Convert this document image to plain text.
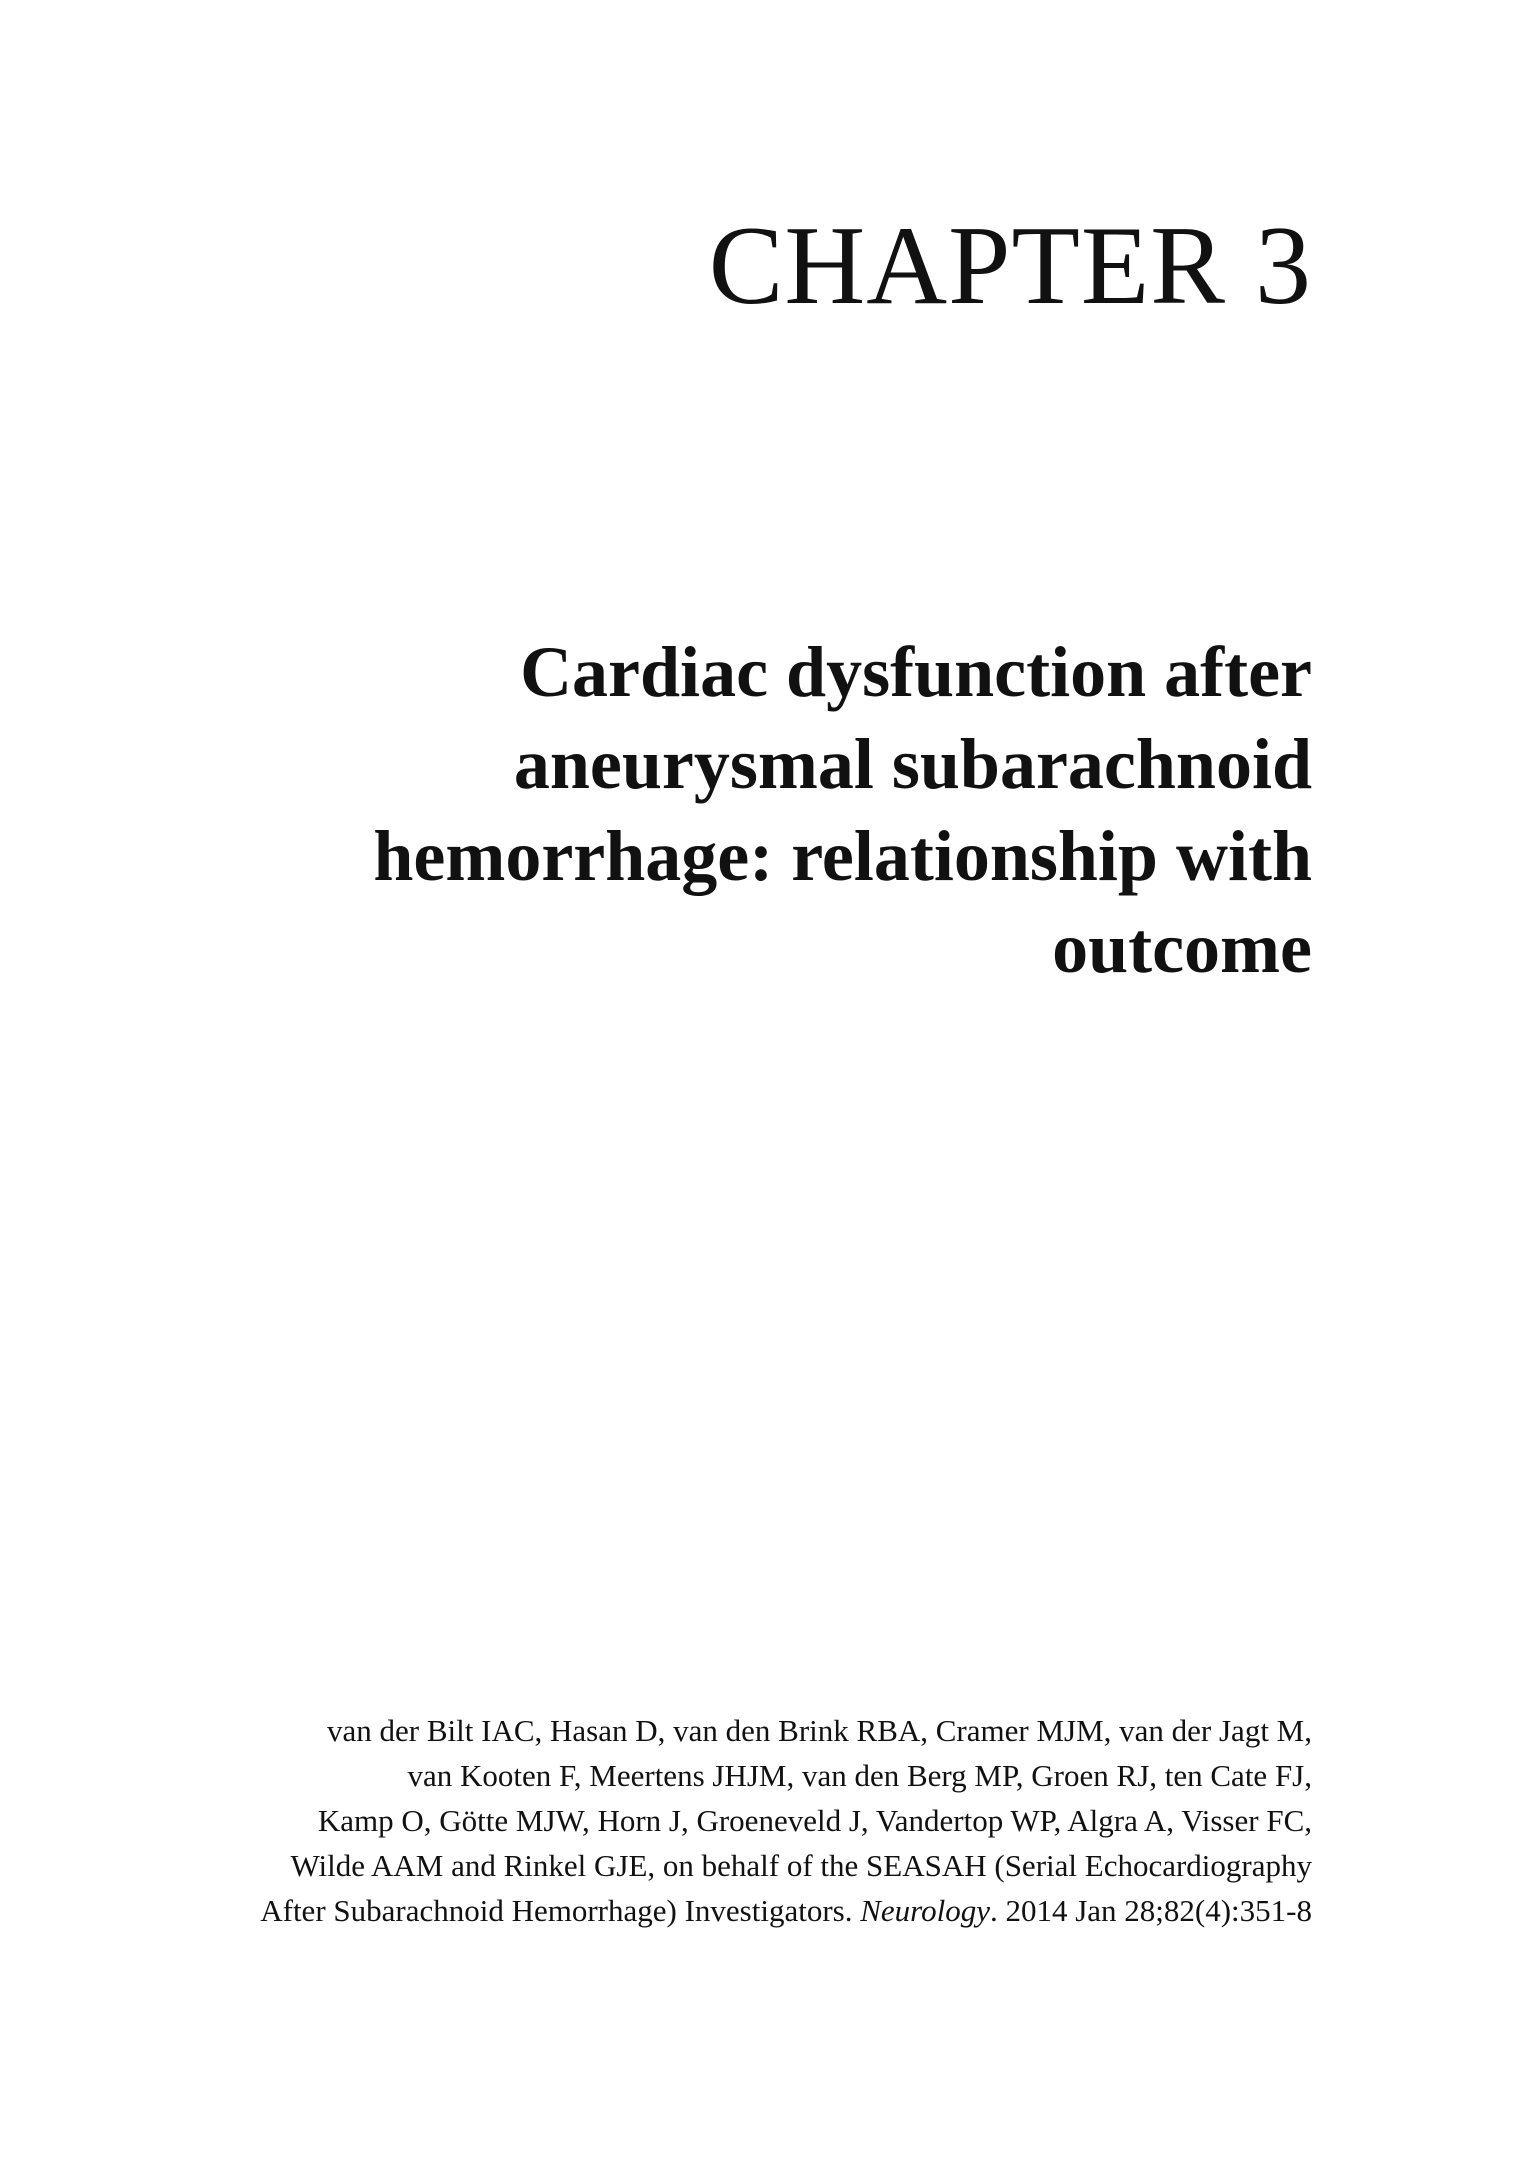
CHAPTER 3
Cardiac dysfunction after
aneurysmal subarachnoid
hemorrhage: relationship with
outcome

van der Bilt IAC, Hasan D, van den Brink RBA, Cramer MJM, van der Jagt M,
van Kooten F, Meertens JHJM, van den Berg MP, Groen RJ, ten Cate FJ,
Kamp O, Götte MJW, Horn J, Groeneveld J, Vandertop WP, Algra A, Visser FC,
Wilde AAM and Rinkel GJE, on behalf of the SEASAH (Serial Echocardiography
After Subarachnoid Hemorrhage) Investigators. Neurology. 2014 Jan 28;82(4):351-8
